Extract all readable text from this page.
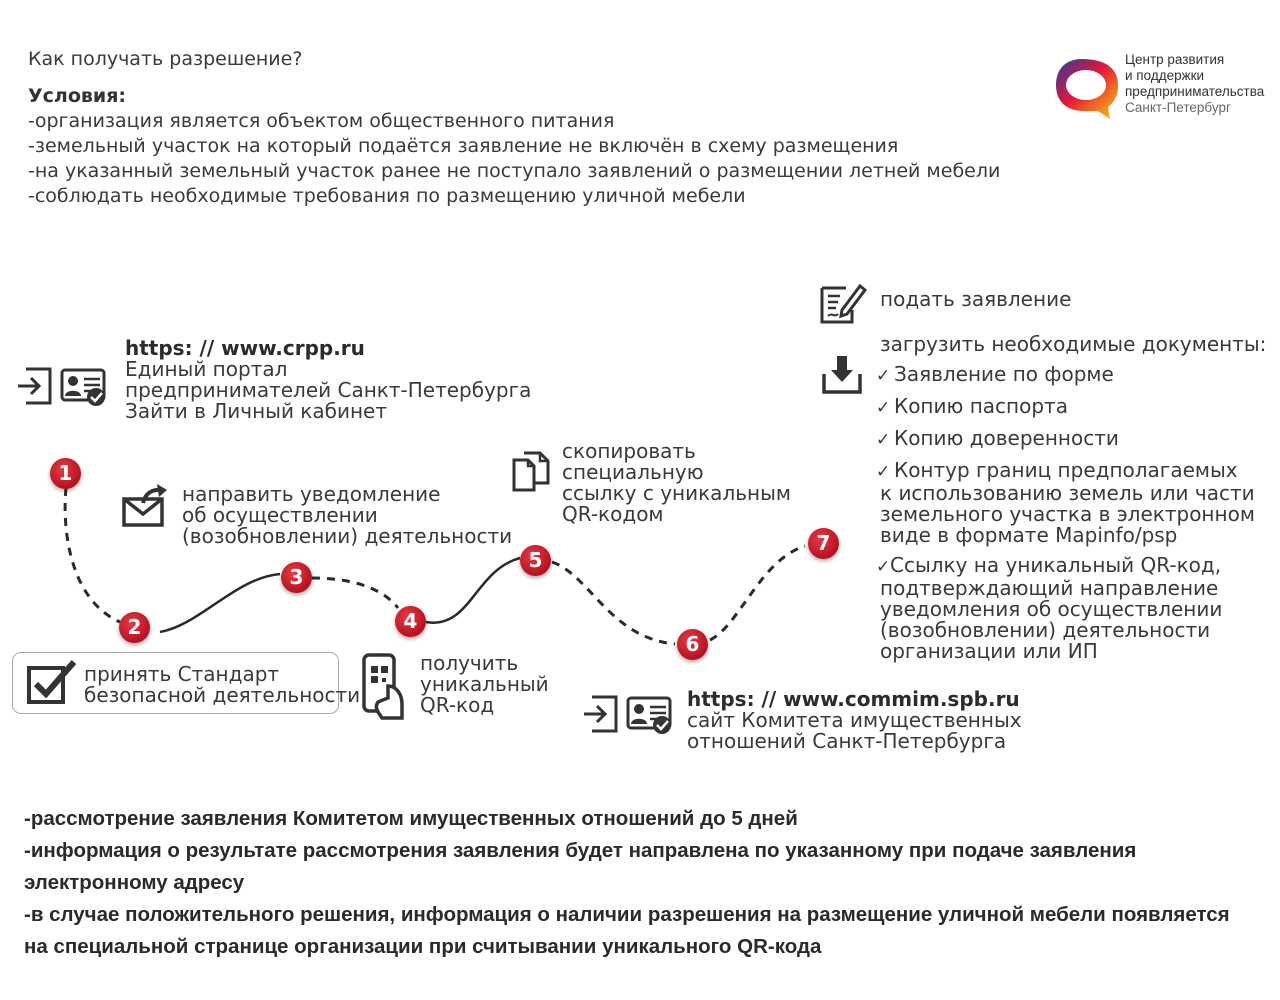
Как получать разрешение?
Условия:
-организация является объектом общественного питания
-земельный участок на который подаётся заявление не включён в схему размещения
-на указанный земельный участок ранее не поступало заявлений о размещении летней мебели
-соблюдать необходимые требования по размещению уличной мебели
Центр развития
и поддержки
предпринимательства
Санкт-Петербург
1
2
3
4
5
6
7
https: // www.crpp.ru
Единый портал
предпринимателей Санкт-Петербурга
Зайти в Личный кабинет
принять Стандарт
безопасной деятельности
направить уведомление
об осуществлении
(возобновлении) деятельности
получить
уникальный
QR-код
скопировать
специальную
ссылку с уникальным
QR-кодом
https: // www.commim.spb.ru
сайт Комитета имущественных
отношений Санкт-Петербурга
подать заявление
загрузить необходимые документы:
✓ Заявление по форме
✓ Копию паспорта
✓ Копию доверенности
✓ Контур границ предполагаемых
к использованию земель или части
земельного участка в электронном
виде в формате Mapinfo/psp
✓Ссылку на уникальный QR-код,
подтверждающий направление
уведомления об осуществлении
(возобновлении) деятельности
организации или ИП
-рассмотрение заявления Комитетом имущественных отношений до 5 дней
-информация о результате рассмотрения заявления будет направлена по указанному при подаче заявления
электронному адресу
-в случае положительного решения, информация о наличии разрешения на размещение уличной мебели появляется
на специальной странице организации при считывании уникального QR-кода
